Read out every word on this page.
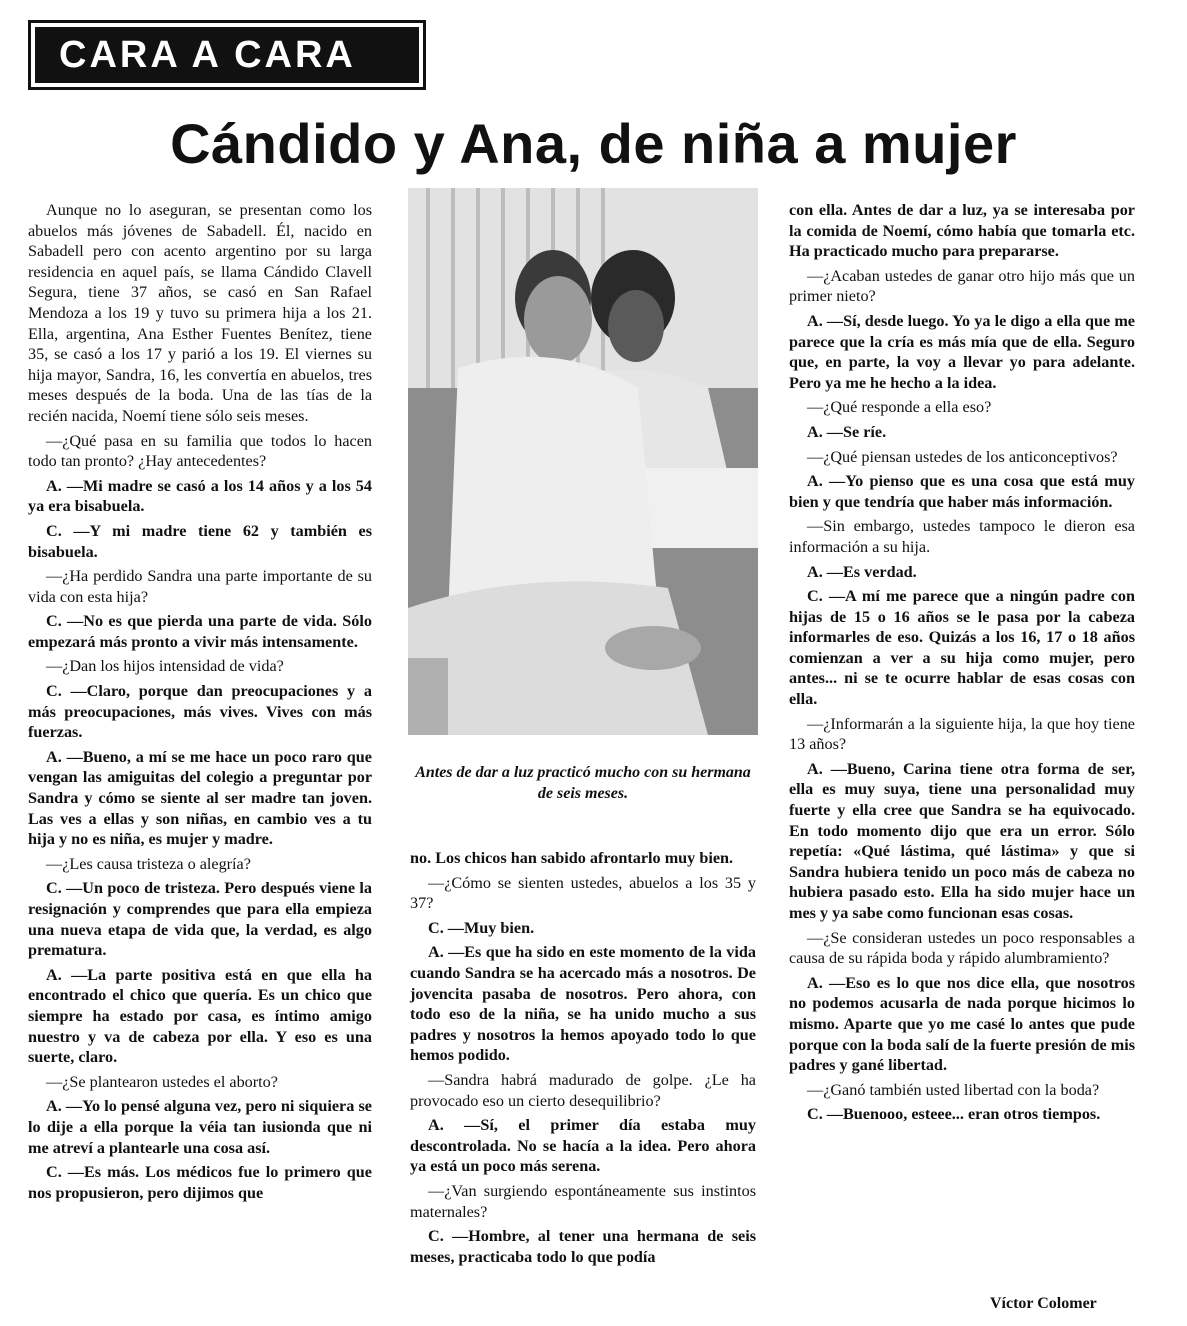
CARA A CARA
Cándido y Ana, de niña a mujer

Aunque no lo aseguran, se presentan como los abuelos más jóvenes de Sabadell. Él, nacido en Sabadell pero con acento argentino por su larga residencia en aquel país, se llama Cándido Clavell Segura, tiene 37 años, se casó en San Rafael Mendoza a los 19 y tuvo su primera hija a los 21. Ella, argentina, Ana Esther Fuentes Benítez, tiene 35, se casó a los 17 y parió a los 19. El viernes su hija mayor, Sandra, 16, les convertía en abuelos, tres meses después de la boda. Una de las tías de la recién nacida, Noemí tiene sólo seis meses.

—¿Qué pasa en su familia que todos lo hacen todo tan pronto? ¿Hay antecedentes?

A. —Mi madre se casó a los 14 años y a los 54 ya era bisabuela.

C. —Y mi madre tiene 62 y también es bisabuela.

—¿Ha perdido Sandra una parte importante de su vida con esta hija?

C. —No es que pierda una parte de vida. Sólo empezará más pronto a vivir más intensamente.

—¿Dan los hijos intensidad de vida?

C. —Claro, porque dan preocupaciones y a más preocupaciones, más vives. Vives con más fuerzas.

A. —Bueno, a mí se me hace un poco raro que vengan las amiguitas del colegio a preguntar por Sandra y cómo se siente al ser madre tan joven. Las ves a ellas y son niñas, en cambio ves a tu hija y no es niña, es mujer y madre.

—¿Les causa tristeza o alegría?

C. —Un poco de tristeza. Pero después viene la resignación y comprendes que para ella empieza una nueva etapa de vida que, la verdad, es algo prematura.

A. —La parte positiva está en que ella ha encontrado el chico que quería. Es un chico que siempre ha estado por casa, es íntimo amigo nuestro y va de cabeza por ella. Y eso es una suerte, claro.

—¿Se plantearon ustedes el aborto?

A. —Yo lo pensé alguna vez, pero ni siquiera se lo dije a ella porque la véia tan iusionda que ni me atreví a plantearle una cosa así.

C. —Es más. Los médicos fue lo primero que nos propusieron, pero dijimos que

Antes de dar a luz practicó mucho con su hermana de seis meses.

no. Los chicos han sabido afrontarlo muy bien.

—¿Cómo se sienten ustedes, abuelos a los 35 y 37?

C. —Muy bien.

A. —Es que ha sido en este momento de la vida cuando Sandra se ha acercado más a nosotros. De jovencita pasaba de nosotros. Pero ahora, con todo eso de la niña, se ha unido mucho a sus padres y nosotros la hemos apoyado todo lo que hemos podido.

—Sandra habrá madurado de golpe. ¿Le ha provocado eso un cierto desequilibrio?

A. —Sí, el primer día estaba muy descontrolada. No se hacía a la idea. Pero ahora ya está un poco más serena.

—¿Van surgiendo espontáneamente sus instintos maternales?

C. —Hombre, al tener una hermana de seis meses, practicaba todo lo que podía

con ella. Antes de dar a luz, ya se interesaba por la comida de Noemí, cómo había que tomarla etc. Ha practicado mucho para prepararse.

—¿Acaban ustedes de ganar otro hijo más que un primer nieto?

A. —Sí, desde luego. Yo ya le digo a ella que me parece que la cría es más mía que de ella. Seguro que, en parte, la voy a llevar yo para adelante. Pero ya me he hecho a la idea.

—¿Qué responde a ella eso?

A. —Se ríe.

—¿Qué piensan ustedes de los anticonceptivos?

A. —Yo pienso que es una cosa que está muy bien y que tendría que haber más información.

—Sin embargo, ustedes tampoco le dieron esa información a su hija.

A. —Es verdad.

C. —A mí me parece que a ningún padre con hijas de 15 o 16 años se le pasa por la cabeza informarles de eso. Quizás a los 16, 17 o 18 años comienzan a ver a su hija como mujer, pero antes... ni se te ocurre hablar de esas cosas con ella.

—¿Informarán a la siguiente hija, la que hoy tiene 13 años?

A. —Bueno, Carina tiene otra forma de ser, ella es muy suya, tiene una personalidad muy fuerte y ella cree que Sandra se ha equivocado. En todo momento dijo que era un error. Sólo repetía: «Qué lástima, qué lástima» y que si Sandra hubiera tenido un poco más de cabeza no hubiera pasado esto. Ella ha sido mujer hace un mes y ya sabe como funcionan esas cosas.

—¿Se consideran ustedes un poco responsables a causa de su rápida boda y rápido alumbramiento?

A. —Eso es lo que nos dice ella, que nosotros no podemos acusarla de nada porque hicimos lo mismo. Aparte que yo me casé lo antes que pude porque con la boda salí de la fuerte presión de mis padres y gané libertad.

—¿Ganó también usted libertad con la boda?

C. —Buenooo, esteee... eran otros tiempos.

Víctor Colomer
